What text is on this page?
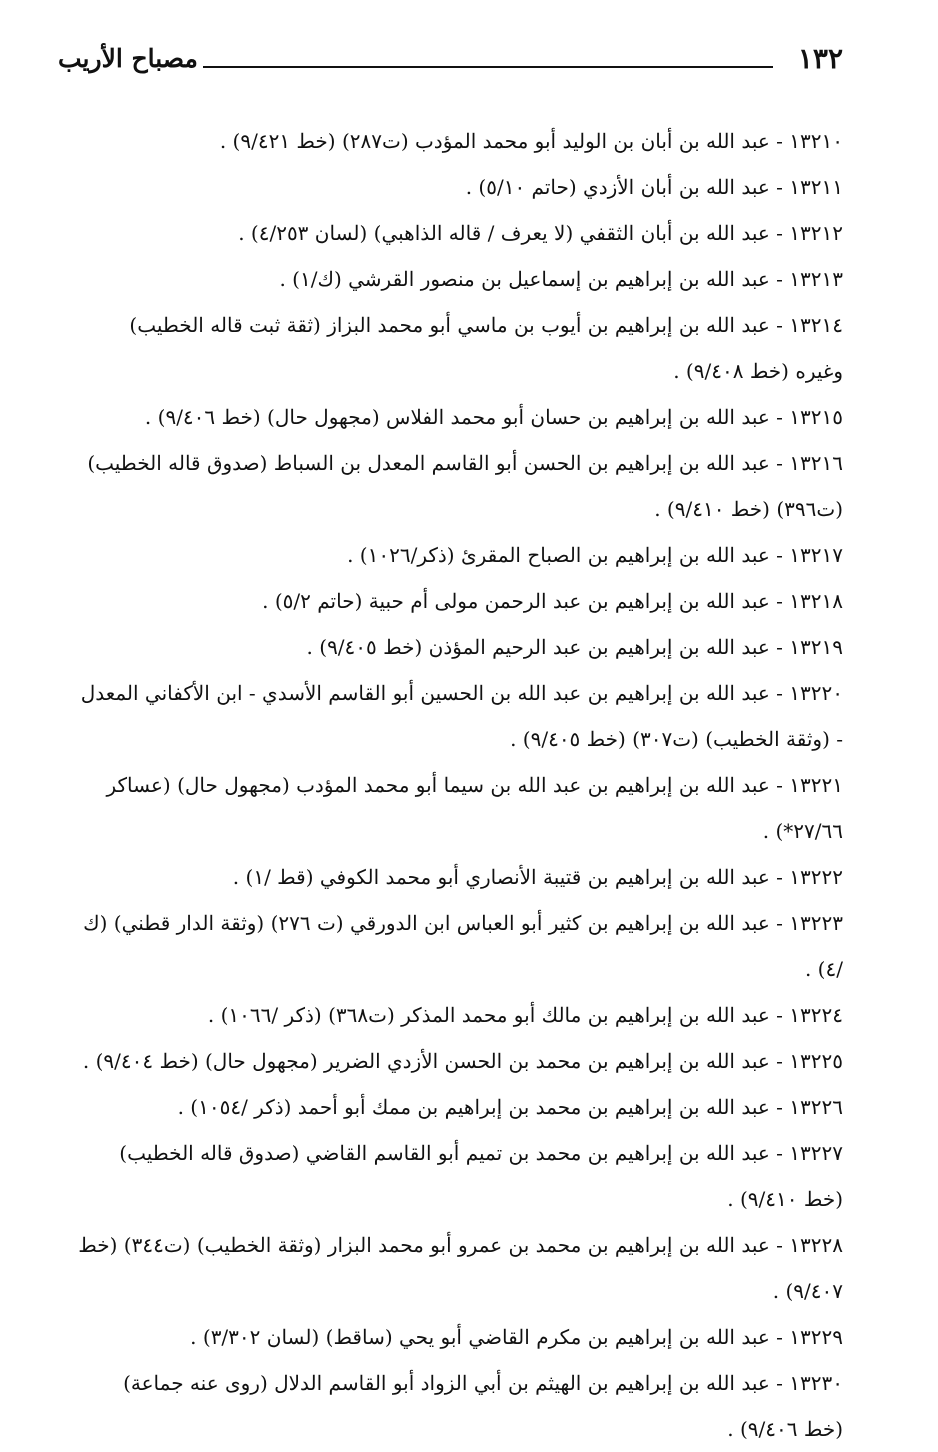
١٣٢
مصباح الأريب

١٣٢١٠ - عبد الله بن أبان بن الوليد أبو محمد المؤدب (ت٢٨٧) (خط ٩/٤٢١) .

١٣٢١١ - عبد الله بن أبان الأزدي (حاتم ٥/١٠) .

١٣٢١٢ - عبد الله بن أبان الثقفي (لا يعرف / قاله الذاهبي) (لسان ٤/٢٥٣) .

١٣٢١٣ - عبد الله بن إبراهيم بن إسماعيل بن منصور القرشي (ك/١) .

١٣٢١٤ - عبد الله بن إبراهيم بن أيوب بن ماسي أبو محمد البزاز (ثقة ثبت قاله الخطيب) وغيره (خط ٩/٤٠٨) .

١٣٢١٥ - عبد الله بن إبراهيم بن حسان أبو محمد الفلاس (مجهول حال) (خط ٩/٤٠٦) .

١٣٢١٦ - عبد الله بن إبراهيم بن الحسن أبو القاسم المعدل بن السباط (صدوق قاله الخطيب) (ت٣٩٦) (خط ٩/٤١٠) .

١٣٢١٧ - عبد الله بن إبراهيم بن الصباح المقرئ (ذكر/١٠٢٦) .

١٣٢١٨ - عبد الله بن إبراهيم بن عبد الرحمن مولى أم حبية (حاتم ٥/٢) .

١٣٢١٩ - عبد الله بن إبراهيم بن عبد الرحيم المؤذن (خط ٩/٤٠٥) .

١٣٢٢٠ - عبد الله بن إبراهيم بن عبد الله بن الحسين أبو القاسم الأسدي - ابن الأكفاني المعدل - (وثقة الخطيب) (ت٣٠٧) (خط ٩/٤٠٥) .

١٣٢٢١ - عبد الله بن إبراهيم بن عبد الله بن سيما أبو محمد المؤدب (مجهول حال) (عساكر ٢٧/٦٦*) .

١٣٢٢٢ - عبد الله بن إبراهيم بن قتيبة الأنصاري أبو محمد الكوفي (قط /١) .

١٣٢٢٣ - عبد الله بن إبراهيم بن كثير أبو العباس ابن الدورقي (ت ٢٧٦) (وثقة الدار قطني) (ك /٤) .

١٣٢٢٤ - عبد الله بن إبراهيم بن مالك أبو محمد المذكر (ت٣٦٨) (ذكر /١٠٦٦) .

١٣٢٢٥ - عبد الله بن إبراهيم بن محمد بن الحسن الأزدي الضرير (مجهول حال) (خط ٩/٤٠٤) .

١٣٢٢٦ - عبد الله بن إبراهيم بن محمد بن إبراهيم بن ممك أبو أحمد (ذكر /١٠٥٤) .

١٣٢٢٧ - عبد الله بن إبراهيم بن محمد بن تميم أبو القاسم القاضي (صدوق قاله الخطيب) (خط ٩/٤١٠) .

١٣٢٢٨ - عبد الله بن إبراهيم بن محمد بن عمرو أبو محمد البزار (وثقة الخطيب) (ت٣٤٤) (خط ٩/٤٠٧) .

١٣٢٢٩ - عبد الله بن إبراهيم بن مكرم القاضي أبو يحي (ساقط) (لسان ٣/٣٠٢) .

١٣٢٣٠ - عبد الله بن إبراهيم بن الهيثم بن أبي الزواد أبو القاسم الدلال (روى عنه جماعة) (خط ٩/٤٠٦) .
